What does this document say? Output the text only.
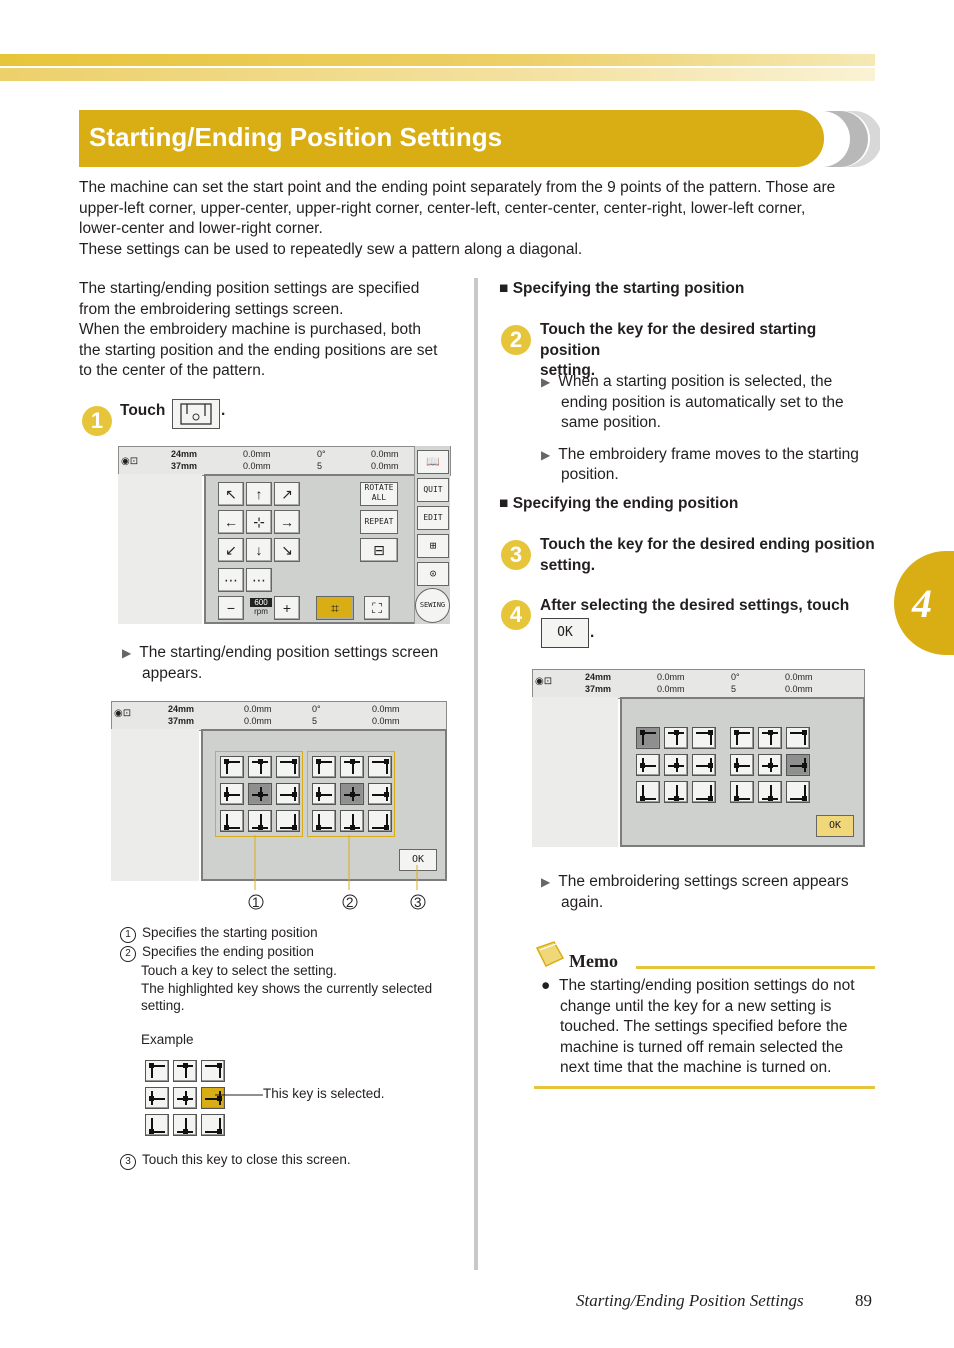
Starting/Ending Position Settings
The machine can set the start point and the ending point separately from the 9 points of the pattern. Those are
upper-left corner, upper-center, upper-right corner, center-left, center-center, center-right, lower-left corner,
lower-center and lower-right corner.
These settings can be used to repeatedly sew a pattern along a diagonal.
The starting/ending position settings are specified
from the embroidering settings screen.
When the embroidery machine is purchased, both
the starting position and the ending positions are set
to the center of the pattern.
1	Touch	.
◉⊡
24mm
37mm
0.0mm
0.0mm
0°
5
0.0mm
0.0mm
↖	↑	↗
←	⊹	→
↙	↓	↘
⋯	⋯
ROTATE ALL
REPEAT
⊟
−	600
rpm	+	⌗	⛶
📖
QUIT
EDIT
⊞
⊙
SEWING
▶ The starting/ending position settings screen
appears.
◉⊡	24mm
37mm
0.0mm
0.0mm
0°
5
0.0mm
0.0mm
OK
1	2	3
1 Specifies the starting position
2 Specifies the ending position
Touch a key to select the setting.
The highlighted key shows the currently selected
setting.
Example
This key is selected.
3 Touch this key to close this screen.
■ Specifying the starting position
2	Touch the key for the desired starting position
setting.
▶ When a starting position is selected, the
ending position is automatically set to the
same position.
▶ The embroidery frame moves to the starting
position.
■ Specifying the ending position
3	Touch the key for the desired ending position
setting.
4	After selecting the desired settings, touch
OK	.
◉⊡	24mm
37mm
0.0mm
0.0mm
0°
5
0.0mm
0.0mm
OK
▶ The embroidering settings screen appears
again.
Memo
● The starting/ending position settings do not
change until the key for a new setting is
touched. The settings specified before the
machine is turned off remain selected the
next time that the machine is turned on.
4
Starting/Ending Position Settings	89
